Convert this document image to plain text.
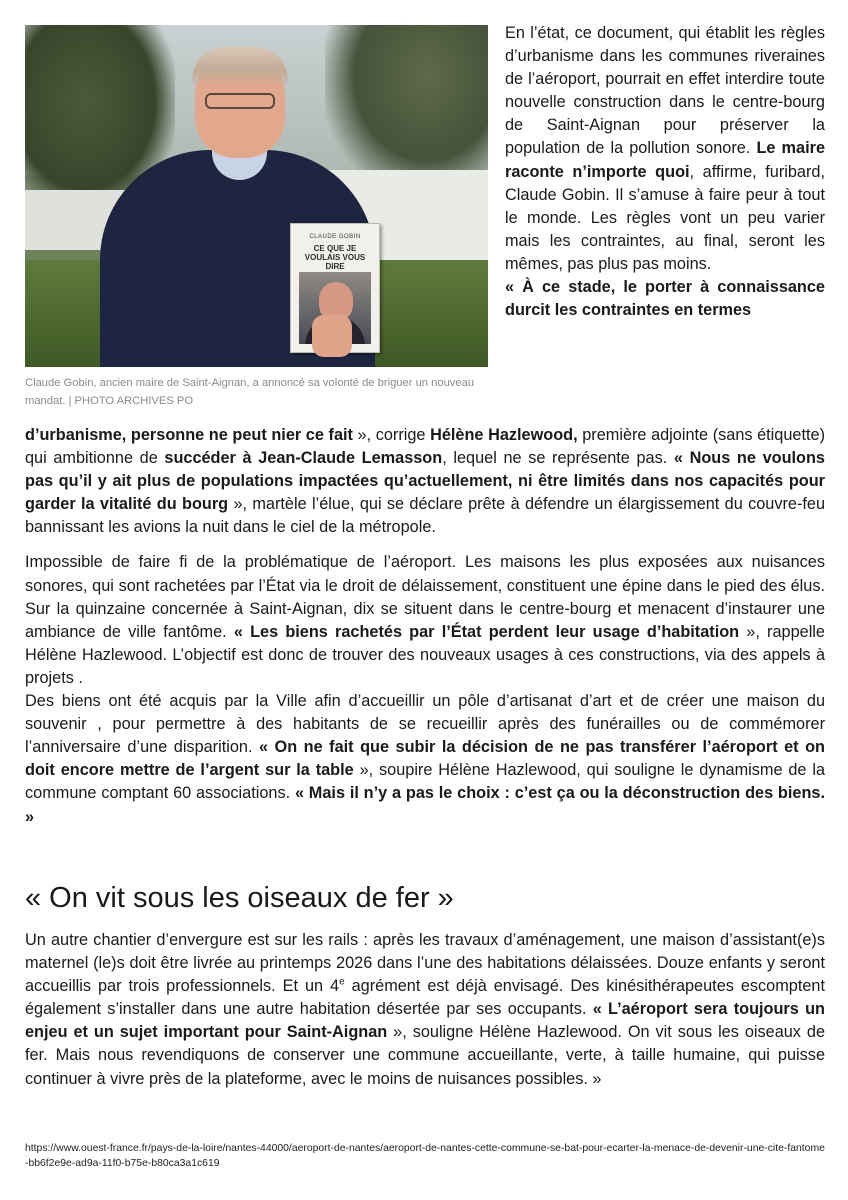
CLAUDE GOBIN
CE QUE JE VOULAIS VOUS DIRE
Claude Gobin, ancien maire de Saint-Aignan, a annoncé sa volonté de briguer un nouveau mandat. | PHOTO ARCHIVES PO

En l’état, ce document, qui établit les règles d’urbanisme dans les communes riveraines de l’aéroport, pourrait en effet interdire toute nouvelle construction dans le centre-bourg de Saint-Aignan pour préserver la population de la pollution sonore. Le maire raconte n’importe quoi, affirme, furibard, Claude Gobin. Il s’amuse à faire peur à tout le monde. Les règles vont un peu varier mais les contraintes, au final, seront les mêmes, pas plus pas moins.

« À ce stade, le porter à connaissance durcit les contraintes en termes

d’urbanisme, personne ne peut nier ce fait », corrige Hélène Hazlewood, première adjointe (sans étiquette) qui ambitionne de succéder à Jean-Claude Lemasson, lequel ne se représente pas. « Nous ne voulons pas qu’il y ait plus de populations impactées qu’actuellement, ni être limités dans nos capacités pour garder la vitalité du bourg », martèle l’élue, qui se déclare prête à défendre un élargissement du couvre-feu bannissant les avions la nuit dans le ciel de la métropole.

Impossible de faire fi de la problématique de l’aéroport. Les maisons les plus exposées aux nuisances sonores, qui sont rachetées par l’État via le droit de délaissement, constituent une épine dans le pied des élus. Sur la quinzaine concernée à Saint-Aignan, dix se situent dans le centre-bourg et menacent d’instaurer une ambiance de ville fantôme. « Les biens rachetés par l’État perdent leur usage d’habitation », rappelle Hélène Hazlewood. L’objectif est donc de trouver des nouveaux usages à ces constructions, via des appels à projets .

Des biens ont été acquis par la Ville afin d’accueillir un pôle d’artisanat d’art et de créer une maison du souvenir , pour permettre à des habitants de se recueillir après des funérailles ou de commémorer l’anniversaire d’une disparition. « On ne fait que subir la décision de ne pas transférer l’aéroport et on doit encore mettre de l’argent sur la table », soupire Hélène Hazlewood, qui souligne le dynamisme de la commune comptant 60 associations. « Mais il n’y a pas le choix : c’est ça ou la déconstruction des biens. »

« On vit sous les oiseaux de fer »

Un autre chantier d’envergure est sur les rails : après les travaux d’aménagement, une maison d’assistant(e)s maternel (le)s doit être livrée au printemps 2026 dans l’une des habitations délaissées. Douze enfants y seront accueillis par trois professionnels. Et un 4e agrément est déjà envisagé. Des kinésithérapeutes escomptent également s’installer dans une autre habitation désertée par ses occupants. « L’aéroport sera toujours un enjeu et un sujet important pour Saint-Aignan », souligne Hélène Hazlewood. On vit sous les oiseaux de fer. Mais nous revendiquons de conserver une commune accueillante, verte, à taille humaine, qui puisse continuer à vivre près de la plateforme, avec le moins de nuisances possibles. »

https://www.ouest-france.fr/pays-de-la-loire/nantes-44000/aeroport-de-nantes/aeroport-de-nantes-cette-commune-se-bat-pour-ecarter-la-menace-de-devenir-une-cite-fantome-bb6f2e9e-ad9a-11f0-b75e-b80ca3a1c619
